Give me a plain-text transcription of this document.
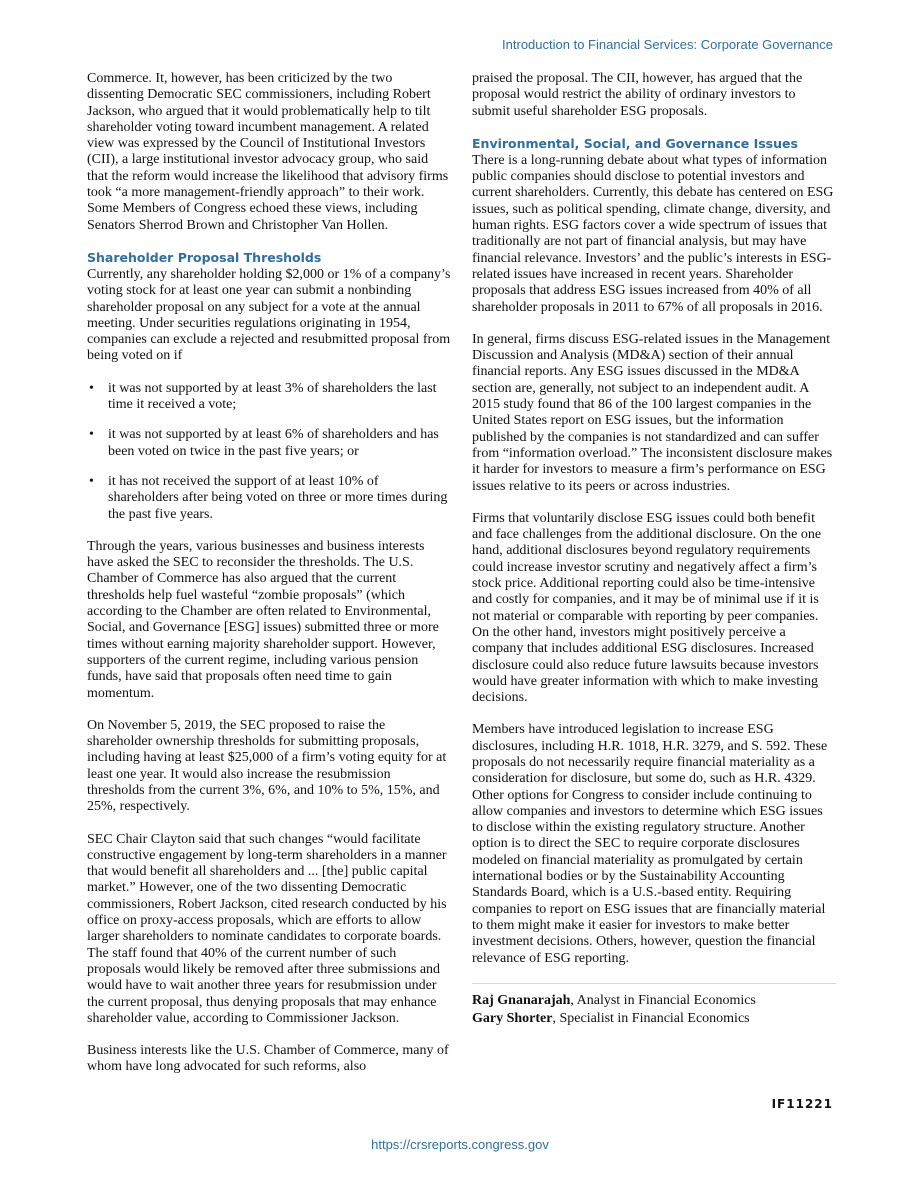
Introduction to Financial Services: Corporate Governance

Commerce. It, however, has been criticized by the two dissenting Democratic SEC commissioners, including Robert Jackson, who argued that it would problematically help to tilt shareholder voting toward incumbent management. A related view was expressed by the Council of Institutional Investors (CII), a large institutional investor advocacy group, who said that the reform would increase the likelihood that advisory firms took “a more management-friendly approach” to their work. Some Members of Congress echoed these views, including Senators Sherrod Brown and Christopher Van Hollen.

Shareholder Proposal Thresholds

Currently, any shareholder holding $2,000 or 1% of a company’s voting stock for at least one year can submit a nonbinding shareholder proposal on any subject for a vote at the annual meeting. Under securities regulations originating in 1954, companies can exclude a rejected and resubmitted proposal from being voted on if

• it was not supported by at least 3% of shareholders the last time it received a vote;
• it was not supported by at least 6% of shareholders and has been voted on twice in the past five years; or
• it has not received the support of at least 10% of shareholders after being voted on three or more times during the past five years.

Through the years, various businesses and business interests have asked the SEC to reconsider the thresholds. The U.S. Chamber of Commerce has also argued that the current thresholds help fuel wasteful “zombie proposals” (which according to the Chamber are often related to Environmental, Social, and Governance [ESG] issues) submitted three or more times without earning majority shareholder support. However, supporters of the current regime, including various pension funds, have said that proposals often need time to gain momentum.

On November 5, 2019, the SEC proposed to raise the shareholder ownership thresholds for submitting proposals, including having at least $25,000 of a firm’s voting equity for at least one year. It would also increase the resubmission thresholds from the current 3%, 6%, and 10% to 5%, 15%, and 25%, respectively.

SEC Chair Clayton said that such changes “would facilitate constructive engagement by long-term shareholders in a manner that would benefit all shareholders and ... [the] public capital market.” However, one of the two dissenting Democratic commissioners, Robert Jackson, cited research conducted by his office on proxy-access proposals, which are efforts to allow larger shareholders to nominate candidates to corporate boards. The staff found that 40% of the current number of such proposals would likely be removed after three submissions and would have to wait another three years for resubmission under the current proposal, thus denying proposals that may enhance shareholder value, according to Commissioner Jackson.

Business interests like the U.S. Chamber of Commerce, many of whom have long advocated for such reforms, also

praised the proposal. The CII, however, has argued that the proposal would restrict the ability of ordinary investors to submit useful shareholder ESG proposals.

Environmental, Social, and Governance Issues

There is a long-running debate about what types of information public companies should disclose to potential investors and current shareholders. Currently, this debate has centered on ESG issues, such as political spending, climate change, diversity, and human rights. ESG factors cover a wide spectrum of issues that traditionally are not part of financial analysis, but may have financial relevance. Investors’ and the public’s interests in ESG-related issues have increased in recent years. Shareholder proposals that address ESG issues increased from 40% of all shareholder proposals in 2011 to 67% of all proposals in 2016.

In general, firms discuss ESG-related issues in the Management Discussion and Analysis (MD&A) section of their annual financial reports. Any ESG issues discussed in the MD&A section are, generally, not subject to an independent audit. A 2015 study found that 86 of the 100 largest companies in the United States report on ESG issues, but the information published by the companies is not standardized and can suffer from “information overload.” The inconsistent disclosure makes it harder for investors to measure a firm’s performance on ESG issues relative to its peers or across industries.

Firms that voluntarily disclose ESG issues could both benefit and face challenges from the additional disclosure. On the one hand, additional disclosures beyond regulatory requirements could increase investor scrutiny and negatively affect a firm’s stock price. Additional reporting could also be time-intensive and costly for companies, and it may be of minimal use if it is not material or comparable with reporting by peer companies. On the other hand, investors might positively perceive a company that includes additional ESG disclosures. Increased disclosure could also reduce future lawsuits because investors would have greater information with which to make investing decisions.

Members have introduced legislation to increase ESG disclosures, including H.R. 1018, H.R. 3279, and S. 592. These proposals do not necessarily require financial materiality as a consideration for disclosure, but some do, such as H.R. 4329. Other options for Congress to consider include continuing to allow companies and investors to determine which ESG issues to disclose within the existing regulatory structure. Another option is to direct the SEC to require corporate disclosures modeled on financial materiality as promulgated by certain international bodies or by the Sustainability Accounting Standards Board, which is a U.S.-based entity. Requiring companies to report on ESG issues that are financially material to them might make it easier for investors to make better investment decisions. Others, however, question the financial relevance of ESG reporting.

Raj Gnanarajah, Analyst in Financial Economics
Gary Shorter, Specialist in Financial Economics
IF11221
https://crsreports.congress.gov
